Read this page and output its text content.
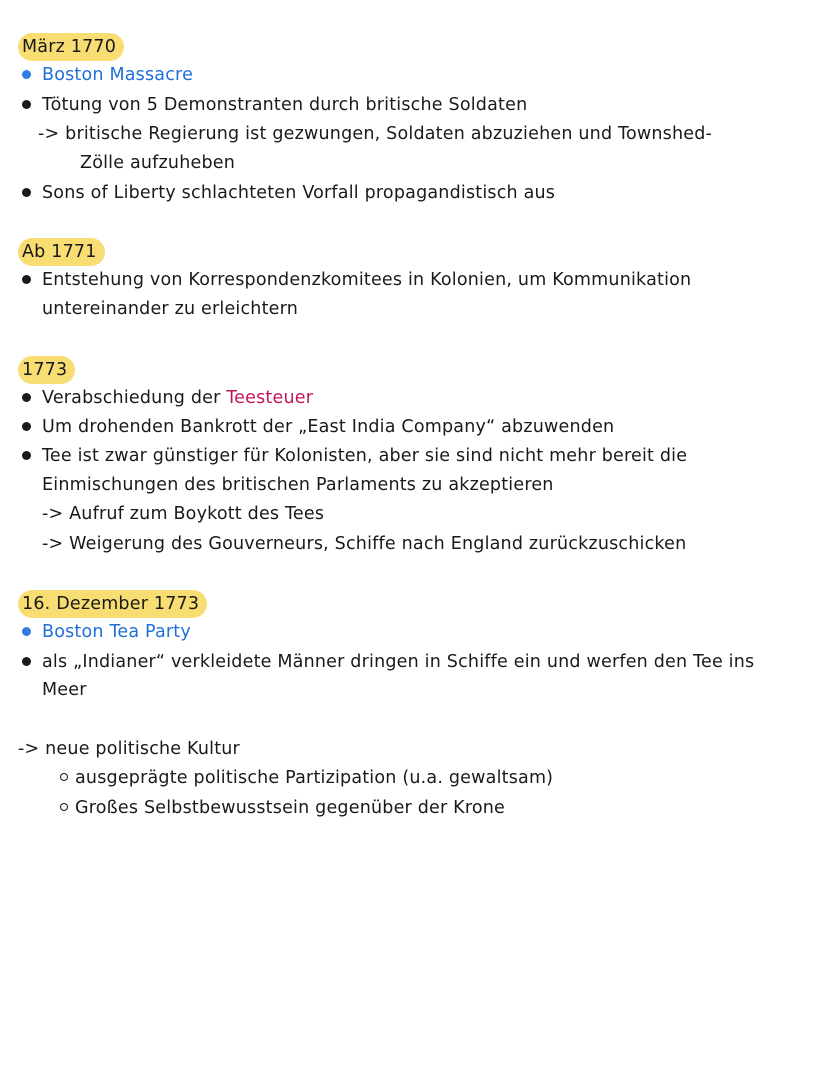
März 1770
Boston Massacre
Tötung von 5 Demonstranten durch britische Soldaten
-> britische Regierung ist gezwungen, Soldaten abzuziehen und Townshed-
Zölle aufzuheben
Sons of Liberty schlachteten Vorfall propagandistisch aus
Ab 1771
Entstehung von Korrespondenzkomitees in Kolonien, um Kommunikation
untereinander zu erleichtern
1773
Verabschiedung der Teesteuer
Um drohenden Bankrott der „East India Company“ abzuwenden
Tee ist zwar günstiger für Kolonisten, aber sie sind nicht mehr bereit die
Einmischungen des britischen Parlaments zu akzeptieren
-> Aufruf zum Boykott des Tees
-> Weigerung des Gouverneurs, Schiffe nach England zurückzuschicken
16. Dezember 1773
Boston Tea Party
als „Indianer“ verkleidete Männer dringen in Schiffe ein und werfen den Tee ins
Meer
-> neue politische Kultur
ausgeprägte politische Partizipation (u.a. gewaltsam)
Großes Selbstbewusstsein gegenüber der Krone
